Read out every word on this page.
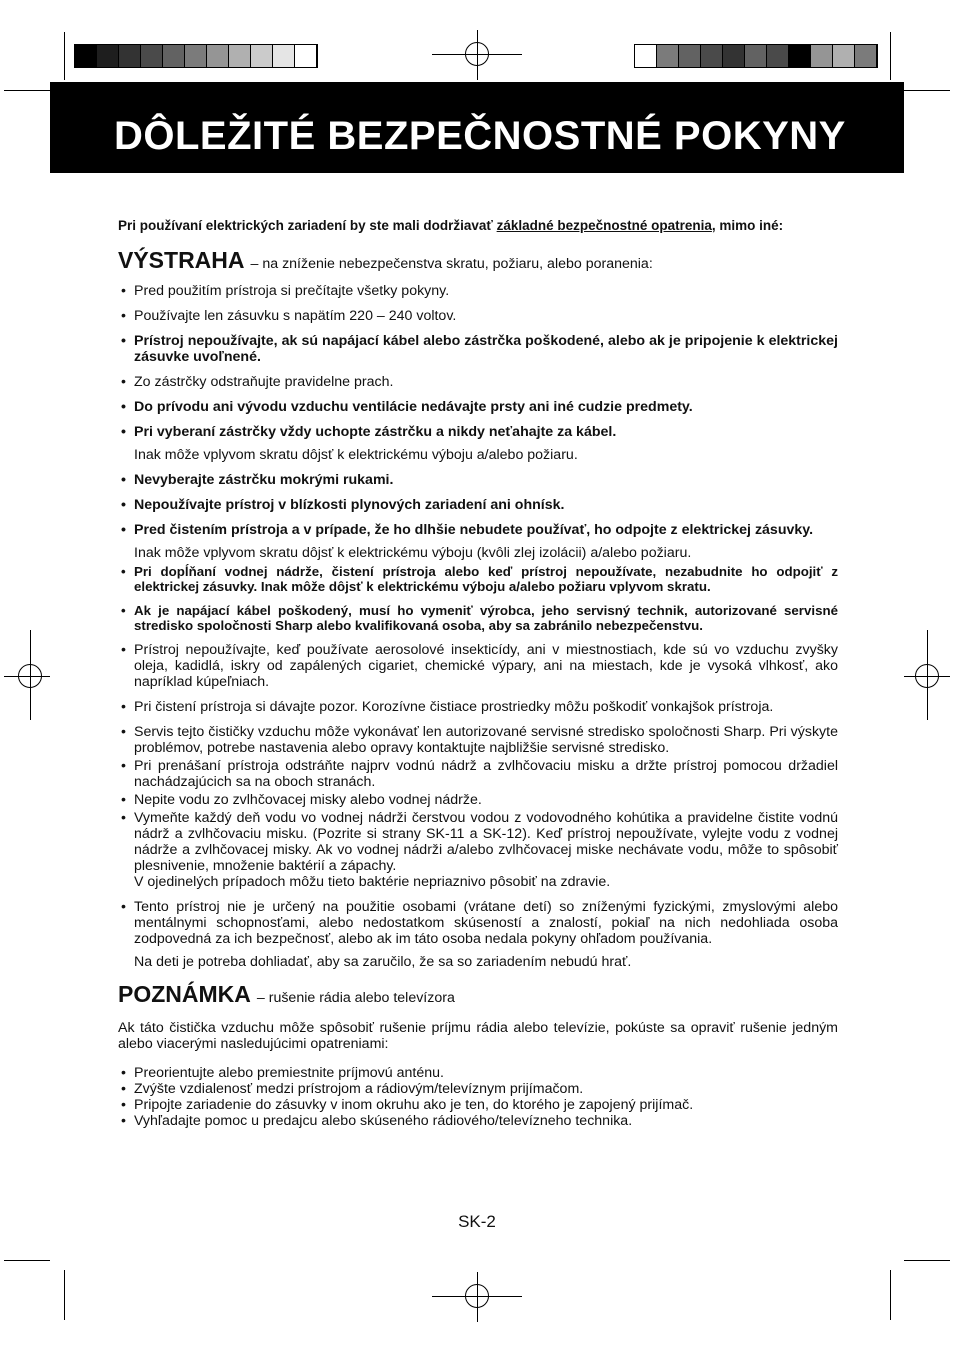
DÔLEŽITÉ BEZPEČNOSTNÉ POKYNY

Pri používaní elektrických zariadení by ste mali dodržiavať základné bezpečnostné opatrenia, mimo iné:

VÝSTRAHA – na zníženie nebezpečenstva skratu, požiaru, alebo poranenia:
• Pred použitím prístroja si prečítajte všetky pokyny.
• Používajte len zásuvku s napätím 220 – 240 voltov.
• Prístroj nepoužívajte, ak sú napájací kábel alebo zástrčka poškodené, alebo ak je pripojenie k elektrickej zásuvke uvoľnené.
• Zo zástrčky odstraňujte pravidelne prach.
• Do prívodu ani vývodu vzduchu ventilácie nedávajte prsty ani iné cudzie predmety.
• Pri vyberaní zástrčky vždy uchopte zástrčku a nikdy neťahajte za kábel.
Inak môže vplyvom skratu dôjsť k elektrickému výboju a/alebo požiaru.
• Nevyberajte zástrčku mokrými rukami.
• Nepoužívajte prístroj v blízkosti plynových zariadení ani ohnísk.
• Pred čistením prístroja a v prípade, že ho dlhšie nebudete používať, ho odpojte z elektrickej zásuvky.
Inak môže vplyvom skratu dôjsť k elektrickému výboju (kvôli zlej izolácii) a/alebo požiaru.
• Pri dopĺňaní vodnej nádrže, čistení prístroja alebo keď prístroj nepoužívate, nezabudnite ho odpojiť z elektrickej zásuvky. Inak môže dôjsť k elektrickému výboju a/alebo požiaru vplyvom skratu.
• Ak je napájací kábel poškodený, musí ho vymeniť výrobca, jeho servisný technik, autorizované servisné stredisko spoločnosti Sharp alebo kvalifikovaná osoba, aby sa zabránilo nebezpečenstvu.
• Prístroj nepoužívajte, keď používate aerosolové insekticídy, ani v miestnostiach, kde sú vo vzduchu zvyšky oleja, kadidlá, iskry od zapálených cigariet, chemické výpary, ani na miestach, kde je vysoká vlhkosť, ako napríklad kúpeľniach.
• Pri čistení prístroja si dávajte pozor. Korozívne čistiace prostriedky môžu poškodiť vonkajšok prístroja.
• Servis tejto čističky vzduchu môže vykonávať len autorizované servisné stredisko spoločnosti Sharp. Pri výskyte problémov, potrebe nastavenia alebo opravy kontaktujte najbližšie servisné stredisko.
• Pri prenášaní prístroja odstráňte najprv vodnú nádrž a zvlhčovaciu misku a držte prístroj pomocou držadiel nachádzajúcich sa na oboch stranách.
• Nepite vodu zo zvlhčovacej misky alebo vodnej nádrže.
• Vymeňte každý deň vodu vo vodnej nádrži čerstvou vodou z vodovodného kohútika a pravidelne čistite vodnú nádrž a zvlhčovaciu misku. (Pozrite si strany SK-11 a SK-12). Keď prístroj nepoužívate, vylejte vodu z vodnej nádrže a zvlhčovacej misky. Ak vo vodnej nádrži a/alebo zvlhčovacej miske nechávate vodu, môže to spôsobiť plesnivenie, množenie baktérií a zápachy.
V ojedinelých prípadoch môžu tieto baktérie nepriaznivo pôsobiť na zdravie.
• Tento prístroj nie je určený na použitie osobami (vrátane detí) so zníženými fyzickými, zmyslovými alebo mentálnymi schopnosťami, alebo nedostatkom skúseností a znalostí, pokiaľ na nich nedohliada osoba zodpovedná za ich bezpečnosť, alebo ak im táto osoba nedala pokyny ohľadom používania.
Na deti je potreba dohliadať, aby sa zaručilo, že sa so zariadením nebudú hrať.
POZNÁMKA – rušenie rádia alebo televízora

Ak táto čistička vzduchu môže spôsobiť rušenie príjmu rádia alebo televízie, pokúste sa opraviť rušenie jedným alebo viacerými nasledujúcimi opatreniami:

• Preorientujte alebo premiestnite príjmovú anténu.
• Zvýšte vzdialenosť medzi prístrojom a rádiovým/televíznym prijímačom.
• Pripojte zariadenie do zásuvky v inom okruhu ako je ten, do ktorého je zapojený prijímač.
• Vyhľadajte pomoc u predajcu alebo skúseného rádiového/televízneho technika.
SK-2
